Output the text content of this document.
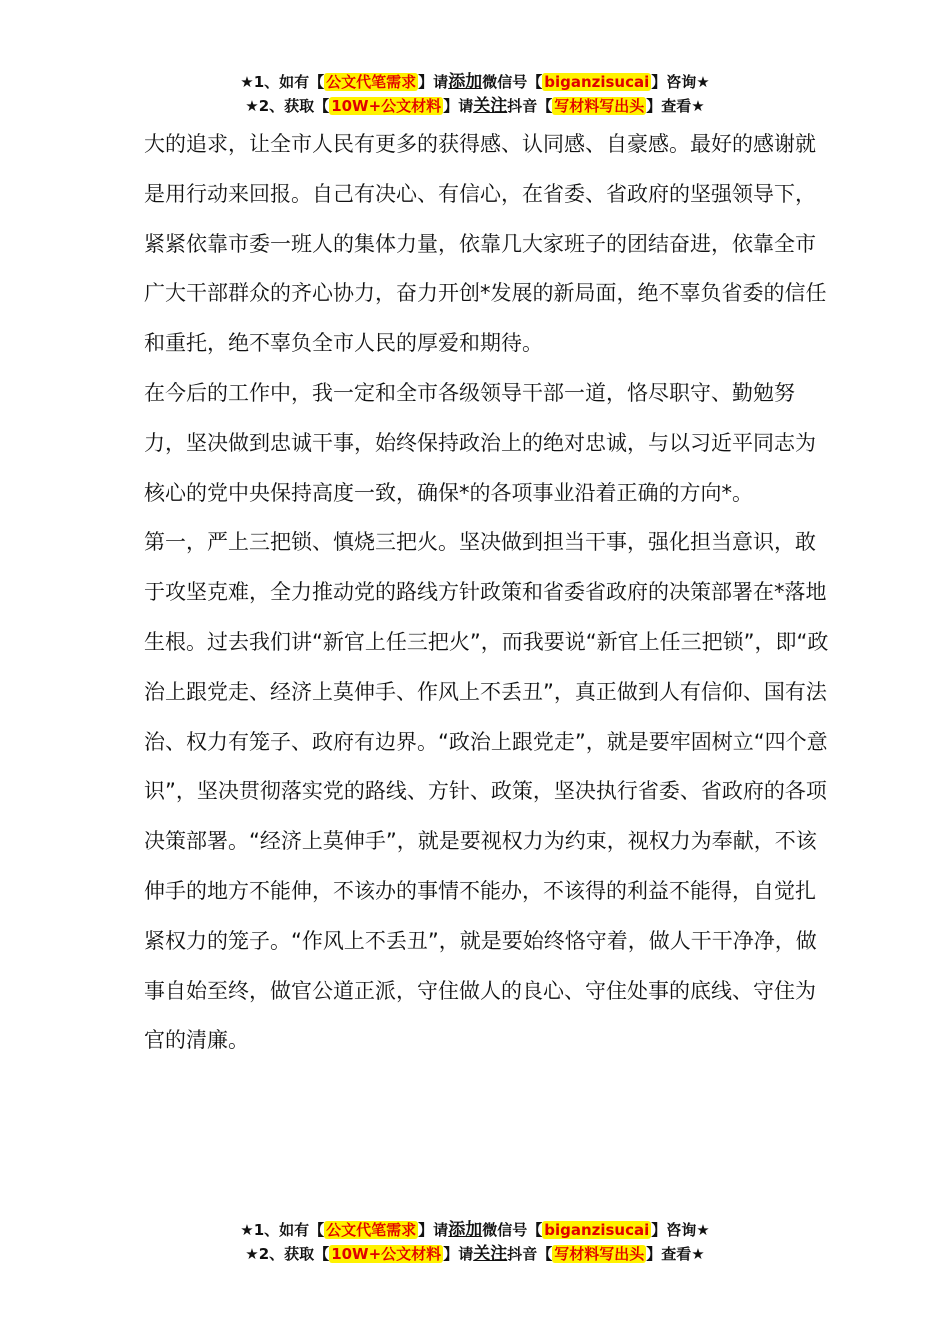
★1、如有【 公文代笔需求 】请添加微信号【 biganzisucai 】咨询★
★2、获取【 10W+公文材料 】请关注抖音【 写材料写出头 】查看★

大的追求，让全市人民有更多的获得感、认同感、自豪感。最好的感谢就是用行动来回报。自己有决心、有信心，在省委、省政府的坚强领导下，紧紧依靠市委一班人的集体力量，依靠几大家班子的团结奋进，依靠全市广大干部群众的齐心协力，奋力开创*发展的新局面，绝不辜负省委的信任和重托，绝不辜负全市人民的厚爱和期待。

在今后的工作中，我一定和全市各级领导干部一道，恪尽职守、勤勉努力，坚决做到忠诚干事，始终保持政治上的绝对忠诚，与以习近平同志为核心的党中央保持高度一致，确保*的各项事业沿着正确的方向*。

第一，严上三把锁、慎烧三把火。坚决做到担当干事，强化担当意识，敢于攻坚克难，全力推动党的路线方针政策和省委省政府的决策部署在*落地生根。过去我们讲“新官上任三把火”，而我要说“新官上任三把锁”，即“政治上跟党走、经济上莫伸手、作风上不丢丑”，真正做到人有信仰、国有法治、权力有笼子、政府有边界。“政治上跟党走”，就是要牢固树立“四个意识”，坚决贯彻落实党的路线、方针、政策，坚决执行省委、省政府的各项决策部署。“经济上莫伸手”，就是要视权力为约束，视权力为奉献，不该伸手的地方不能伸，不该办的事情不能办，不该得的利益不能得，自觉扎紧权力的笼子。“作风上不丢丑”，就是要始终恪守着，做人干干净净，做事自始至终，做官公道正派，守住做人的良心、守住处事的底线、守住为官的清廉。

★1、如有【 公文代笔需求 】请添加微信号【 biganzisucai 】咨询★
★2、获取【 10W+公文材料 】请关注抖音【 写材料写出头 】查看★
